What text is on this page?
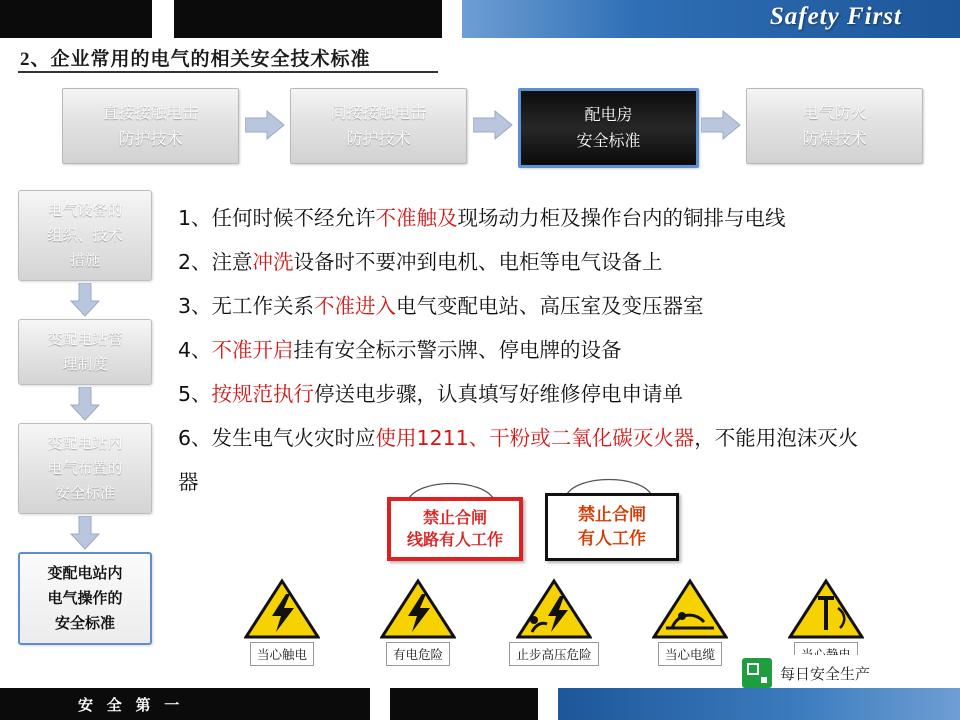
Safety First
2、企业常用的电气的相关安全技术标准
直接接触电击
防护技术
间接接触电击
防护技术
配电房
安全标准
电气防火
防爆技术
电气设备的
组织、技术
措施
变配电站管
理制度
变配电站内
电气布置的
安全标准
变配电站内
电气操作的
安全标准
1、任何时候不经允许不准触及现场动力柜及操作台内的铜排与电线
2、注意冲洗设备时不要冲到电机、电柜等电气设备上
3、无工作关系不准进入电气变配电站、高压室及变压器室
4、不准开启挂有安全标示警示牌、停电牌的设备
5、按规范执行停送电步骤，认真填写好维修停电申请单
6、发生电气火灾时应使用1211、干粉或二氧化碳灭火器，不能用泡沫灭火器
禁止合闸
线路有人工作
禁止合闸
有人工作
当心触电	有电危险	止步高压危险	当心电缆
每日安全生产
安 全 第 一
